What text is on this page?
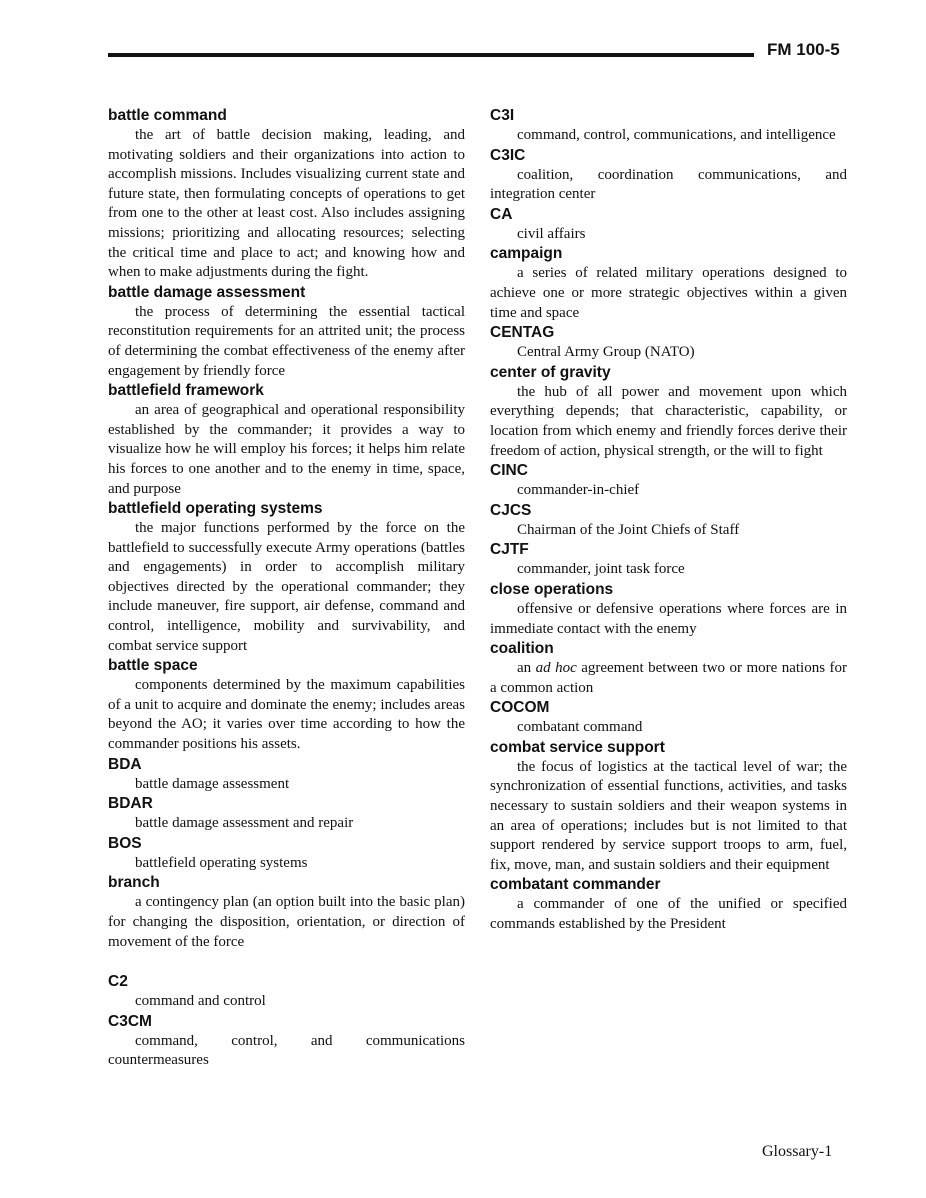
FM 100-5
battle command
the art of battle decision making, leading, and motivating soldiers and their organizations into action to accomplish missions. Includes visualizing current state and future state, then formulating concepts of operations to get from one to the other at least cost. Also includes assigning missions; prioritizing and allocating resources; selecting the critical time and place to act; and knowing how and when to make adjustments during the fight.
battle damage assessment
the process of determining the essential tactical reconstitution requirements for an attrited unit; the process of determining the combat effectiveness of the enemy after engagement by friendly force
battlefield framework
an area of geographical and operational responsibility established by the commander; it provides a way to visualize how he will employ his forces; it helps him relate his forces to one another and to the enemy in time, space, and purpose
battlefield operating systems
the major functions performed by the force on the battlefield to successfully execute Army operations (battles and engagements) in order to accomplish military objectives directed by the operational commander; they include maneuver, fire support, air defense, command and control, intelligence, mobility and survivability, and combat service support
battle space
components determined by the maximum capabilities of a unit to acquire and dominate the enemy; includes areas beyond the AO; it varies over time according to how the commander positions his assets.
BDA
battle damage assessment
BDAR
battle damage assessment and repair
BOS
battlefield operating systems
branch
a contingency plan (an option built into the basic plan) for changing the disposition, orientation, or direction of movement of the force
C2
command and control
C3CM
command, control, and communications countermeasures
C3I
command, control, communications, and intelligence
C3IC
coalition, coordination communications, and integration center
CA
civil affairs
campaign
a series of related military operations designed to achieve one or more strategic objectives within a given time and space
CENTAG
Central Army Group (NATO)
center of gravity
the hub of all power and movement upon which everything depends; that characteristic, capability, or location from which enemy and friendly forces derive their freedom of action, physical strength, or the will to fight
CINC
commander-in-chief
CJCS
Chairman of the Joint Chiefs of Staff
CJTF
commander, joint task force
close operations
offensive or defensive operations where forces are in immediate contact with the enemy
coalition
an ad hoc agreement between two or more nations for a common action
COCOM
combatant command
combat service support
the focus of logistics at the tactical level of war; the synchronization of essential functions, activities, and tasks necessary to sustain soldiers and their weapon systems in an area of operations; includes but is not limited to that support rendered by service support troops to arm, fuel, fix, move, man, and sustain soldiers and their equipment
combatant commander
a commander of one of the unified or specified commands established by the President
Glossary-1
